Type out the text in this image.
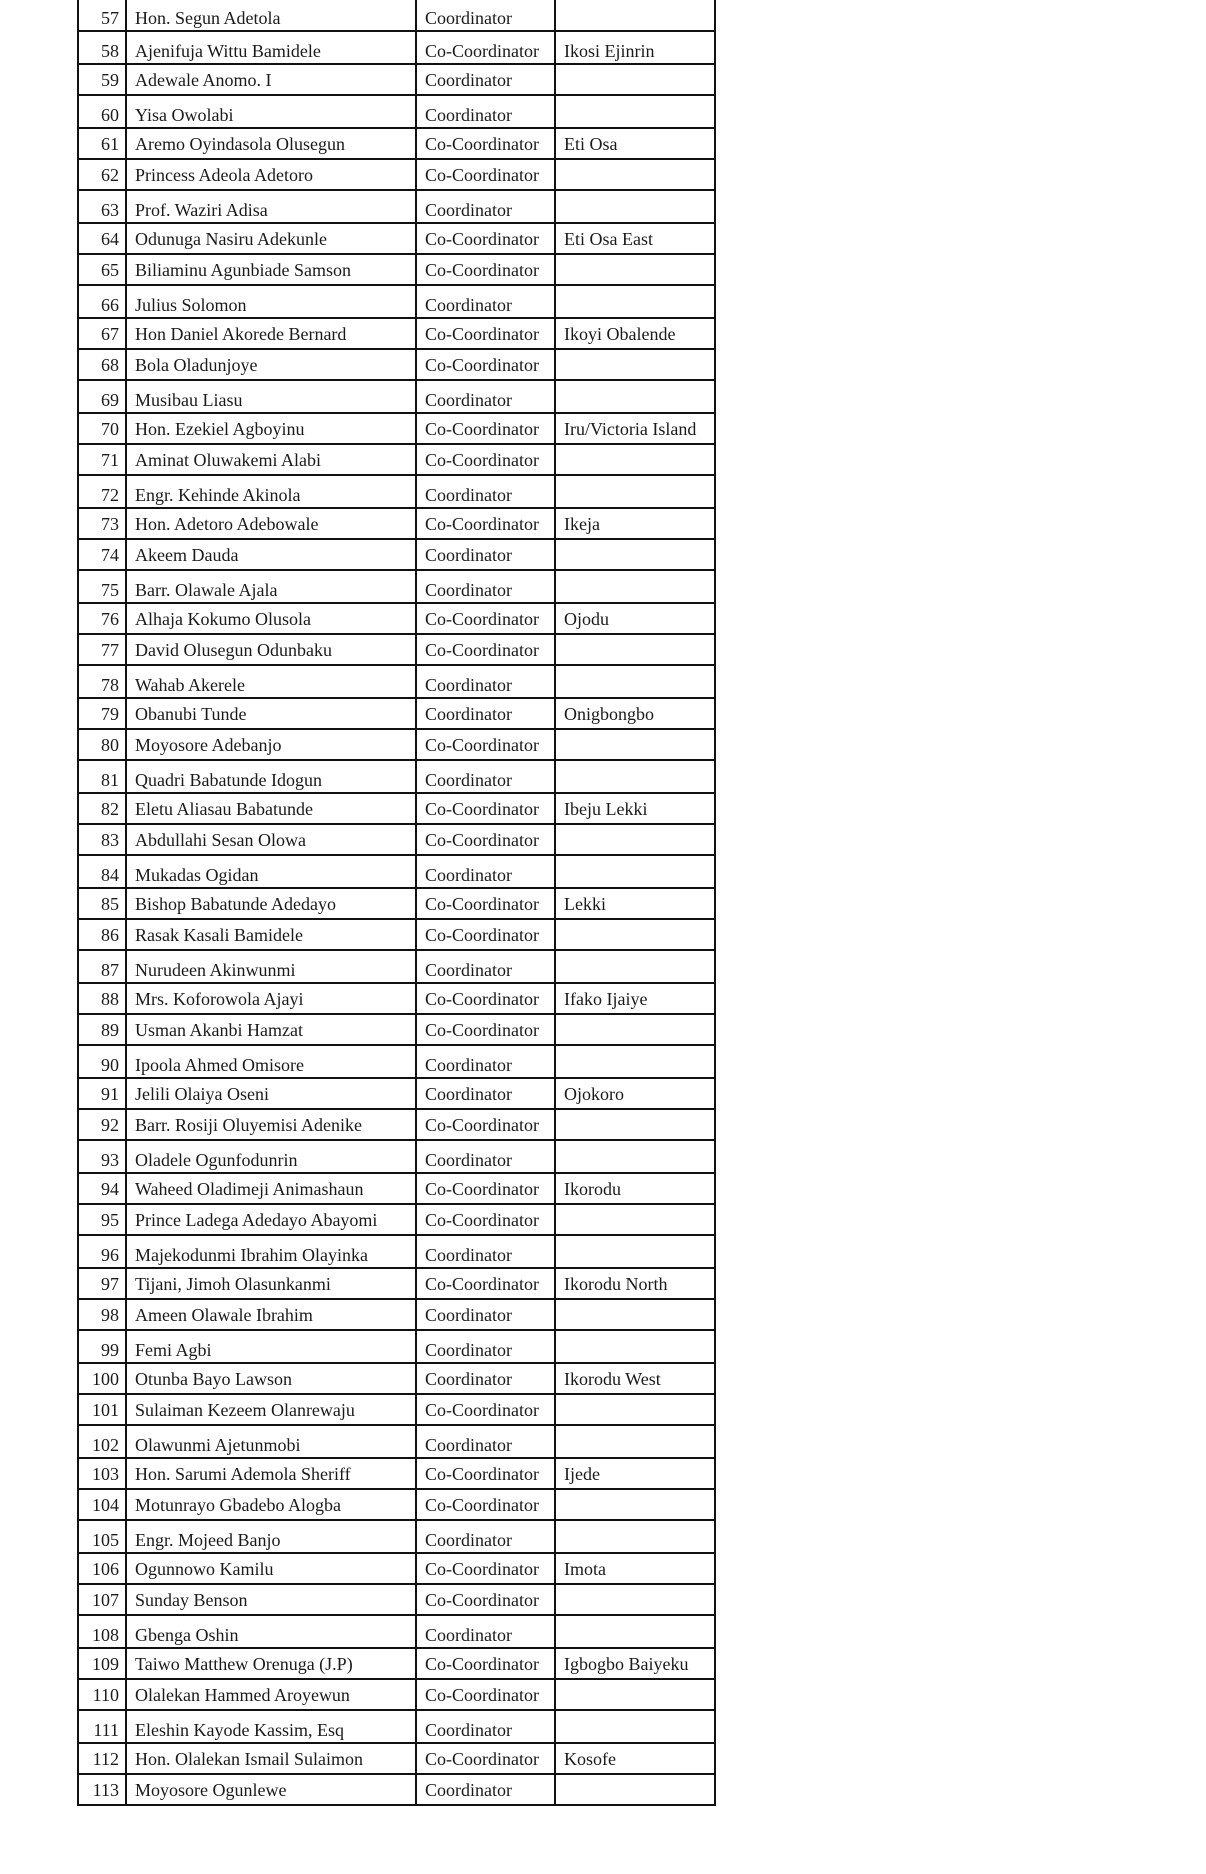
57	Hon. Segun Adetola	Coordinator	
58	Ajenifuja Wittu Bamidele	Co-Coordinator	Ikosi Ejinrin
59	Adewale Anomo. I	Coordinator	
60	Yisa Owolabi	Coordinator	
61	Aremo Oyindasola Olusegun	Co-Coordinator	Eti Osa
62	Princess Adeola Adetoro	Co-Coordinator	
63	Prof. Waziri Adisa	Coordinator	
64	Odunuga Nasiru Adekunle	Co-Coordinator	Eti Osa East
65	Biliaminu Agunbiade Samson	Co-Coordinator	
66	Julius Solomon	Coordinator	
67	Hon Daniel Akorede Bernard	Co-Coordinator	Ikoyi Obalende
68	Bola Oladunjoye	Co-Coordinator	
69	Musibau Liasu	Coordinator	
70	Hon. Ezekiel Agboyinu	Co-Coordinator	Iru/Victoria Island
71	Aminat Oluwakemi Alabi	Co-Coordinator	
72	Engr. Kehinde Akinola	Coordinator	
73	Hon. Adetoro Adebowale	Co-Coordinator	Ikeja
74	Akeem Dauda	Coordinator	
75	Barr. Olawale Ajala	Coordinator	
76	Alhaja Kokumo Olusola	Co-Coordinator	Ojodu
77	David Olusegun Odunbaku	Co-Coordinator	
78	Wahab Akerele	Coordinator	
79	Obanubi Tunde	Coordinator	Onigbongbo
80	Moyosore Adebanjo	Co-Coordinator	
81	Quadri Babatunde Idogun	Coordinator	
82	Eletu Aliasau Babatunde	Co-Coordinator	Ibeju Lekki
83	Abdullahi Sesan Olowa	Co-Coordinator	
84	Mukadas Ogidan	Coordinator	
85	Bishop Babatunde Adedayo	Co-Coordinator	Lekki
86	Rasak Kasali Bamidele	Co-Coordinator	
87	Nurudeen Akinwunmi	Coordinator	
88	Mrs. Koforowola Ajayi	Co-Coordinator	Ifako Ijaiye
89	Usman Akanbi Hamzat	Co-Coordinator	
90	Ipoola Ahmed Omisore	Coordinator	
91	Jelili Olaiya Oseni	Coordinator	Ojokoro
92	Barr. Rosiji Oluyemisi Adenike	Co-Coordinator	
93	Oladele Ogunfodunrin	Coordinator	
94	Waheed Oladimeji Animashaun	Co-Coordinator	Ikorodu
95	Prince Ladega Adedayo Abayomi	Co-Coordinator	
96	Majekodunmi Ibrahim Olayinka	Coordinator	
97	Tijani, Jimoh Olasunkanmi	Co-Coordinator	Ikorodu North
98	Ameen Olawale Ibrahim	Coordinator	
99	Femi Agbi	Coordinator	
100	Otunba Bayo Lawson	Coordinator	Ikorodu West
101	Sulaiman Kezeem Olanrewaju	Co-Coordinator	
102	Olawunmi Ajetunmobi	Coordinator	
103	Hon. Sarumi Ademola Sheriff	Co-Coordinator	Ijede
104	Motunrayo Gbadebo Alogba	Co-Coordinator	
105	Engr. Mojeed Banjo	Coordinator	
106	Ogunnowo Kamilu	Co-Coordinator	Imota
107	Sunday Benson	Co-Coordinator	
108	Gbenga Oshin	Coordinator	
109	Taiwo Matthew Orenuga (J.P)	Co-Coordinator	Igbogbo Baiyeku
110	Olalekan Hammed Aroyewun	Co-Coordinator	
111	Eleshin Kayode Kassim, Esq	Coordinator	
112	Hon. Olalekan Ismail Sulaimon	Co-Coordinator	Kosofe
113	Moyosore Ogunlewe	Coordinator	
